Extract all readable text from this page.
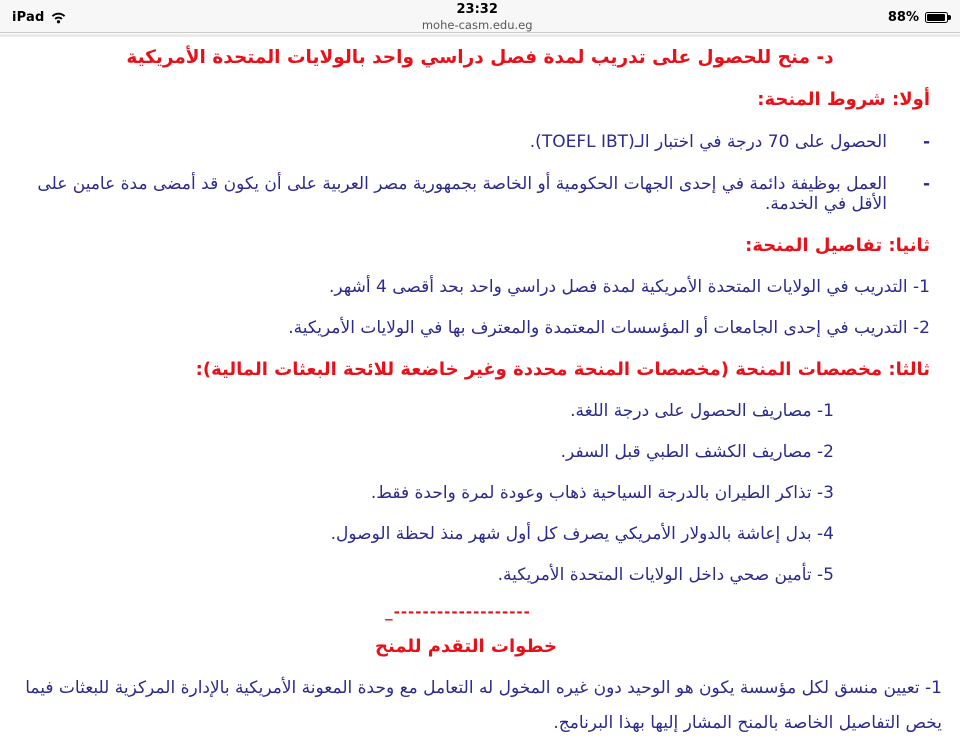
iPad	23:32
mohe-casm.edu.eg
88%
د- منح للحصول على تدريب لمدة فصل دراسي واحد بالولايات المتحدة الأمريكية
أولا: شروط المنحة:
-
الحصول على 70 درجة في اختبار الـ(TOEFL IBT).
-
العمل بوظيفة دائمة في إحدى الجهات الحكومية أو الخاصة بجمهورية مصر العربية على أن يكون قد أمضى مدة عامين على الأقل في الخدمة.
ثانيا: تفاصيل المنحة:
1- التدريب في الولايات المتحدة الأمريكية لمدة فصل دراسي واحد بحد أقصى 4 أشهر.
2- التدريب في إحدى الجامعات أو المؤسسات المعتمدة والمعترف بها في الولايات الأمريكية.
ثالثا: مخصصات المنحة (مخصصات المنحة محددة وغير خاضعة للائحة البعثات المالية):
1- مصاريف الحصول على درجة اللغة.
2- مصاريف الكشف الطبي قبل السفر.
3- تذاكر الطيران بالدرجة السياحية ذهاب وعودة لمرة واحدة فقط.
4- بدل إعاشة بالدولار الأمريكي يصرف كل أول شهر منذ لحظة الوصول.
5- تأمين صحي داخل الولايات المتحدة الأمريكية.
_-------------------
خطوات التقدم للمنح
1- تعيين منسق لكل مؤسسة يكون هو الوحيد دون غيره المخول له التعامل مع وحدة المعونة الأمريكية بالإدارة المركزية للبعثات فيما يخص التفاصيل الخاصة بالمنح المشار إليها بهذا البرنامج.
